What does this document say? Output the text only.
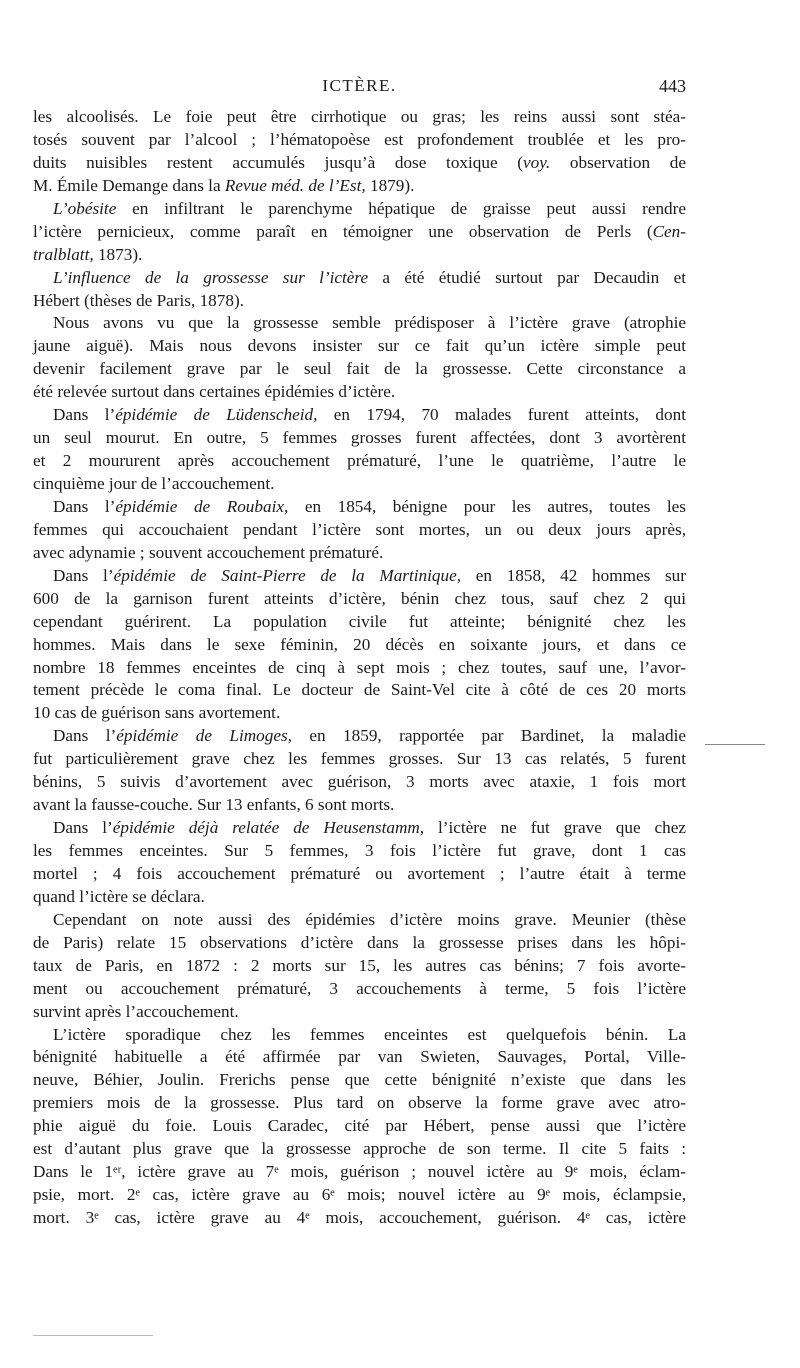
ICTÈRE.	443
les alcoolisés. Le foie peut être cirrhotique ou gras; les reins aussi sont stéa-
tosés souvent par l’alcool ; l’hématopoèse est profondement troublée et les pro-
duits nuisibles restent accumulés jusqu’à dose toxique (voy. observation de
M. Émile Demange dans la Revue méd. de l’Est, 1879).
L’obésite en infiltrant le parenchyme hépatique de graisse peut aussi rendre
l’ictère pernicieux, comme paraît en témoigner une observation de Perls (Cen-
tralblatt, 1873).
L’influence de la grossesse sur l’ictère a été étudié surtout par Decaudin et
Hébert (thèses de Paris, 1878).
Nous avons vu que la grossesse semble prédisposer à l’ictère grave (atrophie
jaune aiguë). Mais nous devons insister sur ce fait qu’un ictère simple peut
devenir facilement grave par le seul fait de la grossesse. Cette circonstance a
été relevée surtout dans certaines épidémies d’ictère.
Dans l’épidémie de Lüdenscheid, en 1794, 70 malades furent atteints, dont
un seul mourut. En outre, 5 femmes grosses furent affectées, dont 3 avortèrent
et 2 moururent après accouchement prématuré, l’une le quatrième, l’autre le
cinquième jour de l’accouchement.
Dans l’épidémie de Roubaix, en 1854, bénigne pour les autres, toutes les
femmes qui accouchaient pendant l’ictère sont mortes, un ou deux jours après,
avec adynamie ; souvent accouchement prématuré.
Dans l’épidémie de Saint-Pierre de la Martinique, en 1858, 42 hommes sur
600 de la garnison furent atteints d’ictère, bénin chez tous, sauf chez 2 qui
cependant guérirent. La population civile fut atteinte; bénignité chez les
hommes. Mais dans le sexe féminin, 20 décès en soixante jours, et dans ce
nombre 18 femmes enceintes de cinq à sept mois ; chez toutes, sauf une, l’avor-
tement précède le coma final. Le docteur de Saint-Vel cite à côté de ces 20 morts
10 cas de guérison sans avortement.
Dans l’épidémie de Limoges, en 1859, rapportée par Bardinet, la maladie
fut particulièrement grave chez les femmes grosses. Sur 13 cas relatés, 5 furent
bénins, 5 suivis d’avortement avec guérison, 3 morts avec ataxie, 1 fois mort
avant la fausse-couche. Sur 13 enfants, 6 sont morts.
Dans l’épidémie déjà relatée de Heusenstamm, l’ictère ne fut grave que chez
les femmes enceintes. Sur 5 femmes, 3 fois l’ictère fut grave, dont 1 cas
mortel ; 4 fois accouchement prématuré ou avortement ; l’autre était à terme
quand l’ictère se déclara.
Cependant on note aussi des épidémies d’ictère moins grave. Meunier (thèse
de Paris) relate 15 observations d’ictère dans la grossesse prises dans les hôpi-
taux de Paris, en 1872 : 2 morts sur 15, les autres cas bénins; 7 fois avorte-
ment ou accouchement prématuré, 3 accouchements à terme, 5 fois l’ictère
survint après l’accouchement.
L’ictère sporadique chez les femmes enceintes est quelquefois bénin. La
bénignité habituelle a été affirmée par van Swieten, Sauvages, Portal, Ville-
neuve, Béhier, Joulin. Frerichs pense que cette bénignité n’existe que dans les
premiers mois de la grossesse. Plus tard on observe la forme grave avec atro-
phie aiguë du foie. Louis Caradec, cité par Hébert, pense aussi que l’ictère
est d’autant plus grave que la grossesse approche de son terme. Il cite 5 faits :
Dans le 1ᵉʳ, ictère grave au 7ᵉ mois, guérison ; nouvel ictère au 9ᵉ mois, éclam-
psie, mort. 2ᵉ cas, ictère grave au 6ᵉ mois; nouvel ictère au 9ᵉ mois, éclampsie,
mort. 3ᵉ cas, ictère grave au 4ᵉ mois, accouchement, guérison. 4ᵉ cas, ictère
